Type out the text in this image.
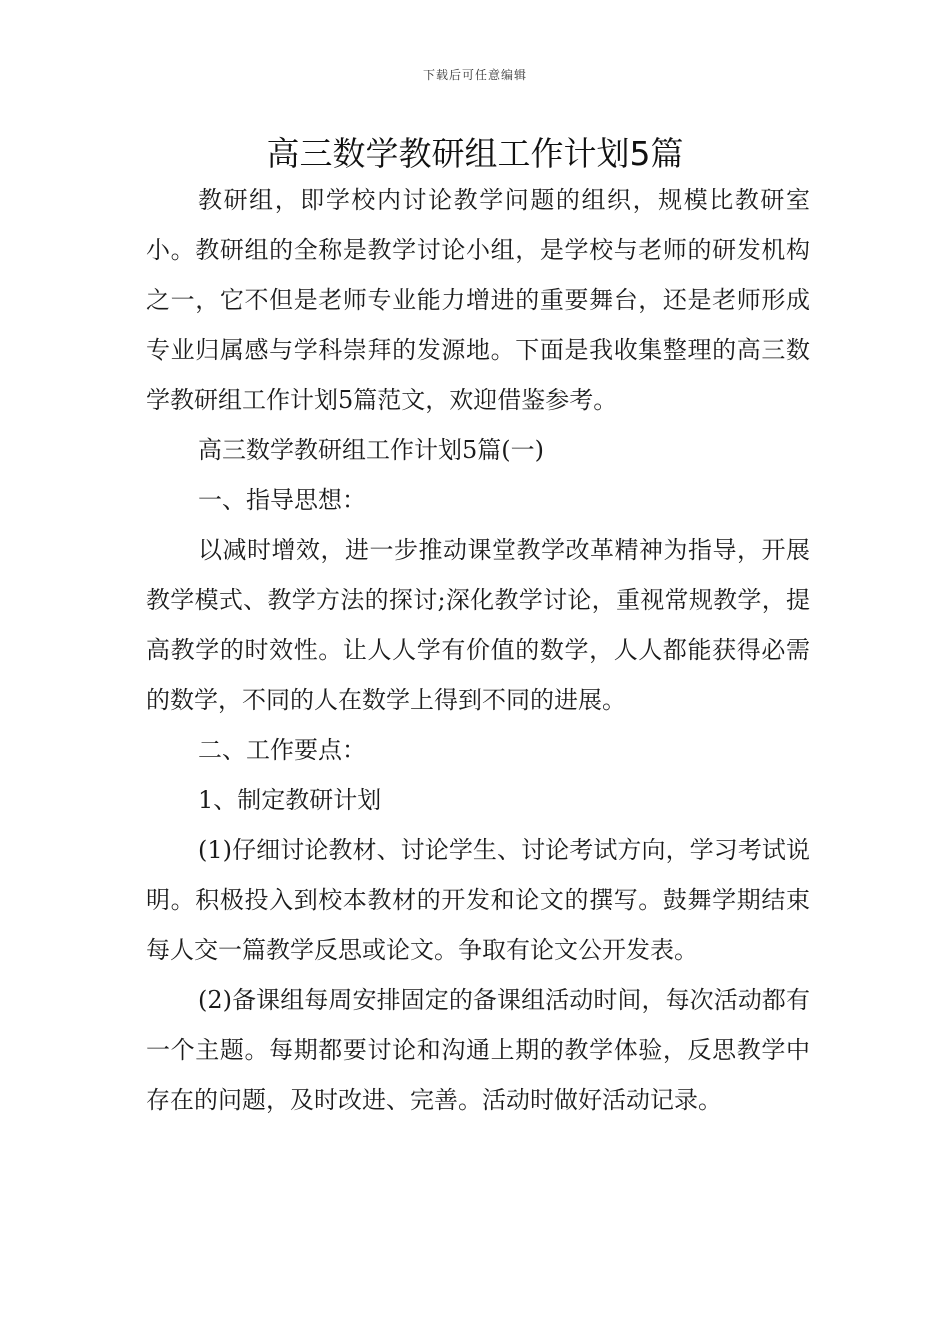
下载后可任意编辑
高三数学教研组工作计划5篇

教研组，即学校内讨论教学问题的组织，规模比教研室小。教研组的全称是教学讨论小组，是学校与老师的研发机构之一，它不但是老师专业能力增进的重要舞台，还是老师形成专业归属感与学科崇拜的发源地。下面是我收集整理的高三数学教研组工作计划5篇范文，欢迎借鉴参考。

高三数学教研组工作计划5篇(一)

一、指导思想：

以减时增效，进一步推动课堂教学改革精神为指导，开展教学模式、教学方法的探讨;深化教学讨论，重视常规教学，提高教学的时效性。让人人学有价值的数学，人人都能获得必需的数学，不同的人在数学上得到不同的进展。

二、工作要点：

1、制定教研计划

(1)仔细讨论教材、讨论学生、讨论考试方向，学习考试说明。积极投入到校本教材的开发和论文的撰写。鼓舞学期结束每人交一篇教学反思或论文。争取有论文公开发表。

(2)备课组每周安排固定的备课组活动时间，每次活动都有一个主题。每期都要讨论和沟通上期的教学体验，反思教学中存在的问题，及时改进、完善。活动时做好活动记录。
